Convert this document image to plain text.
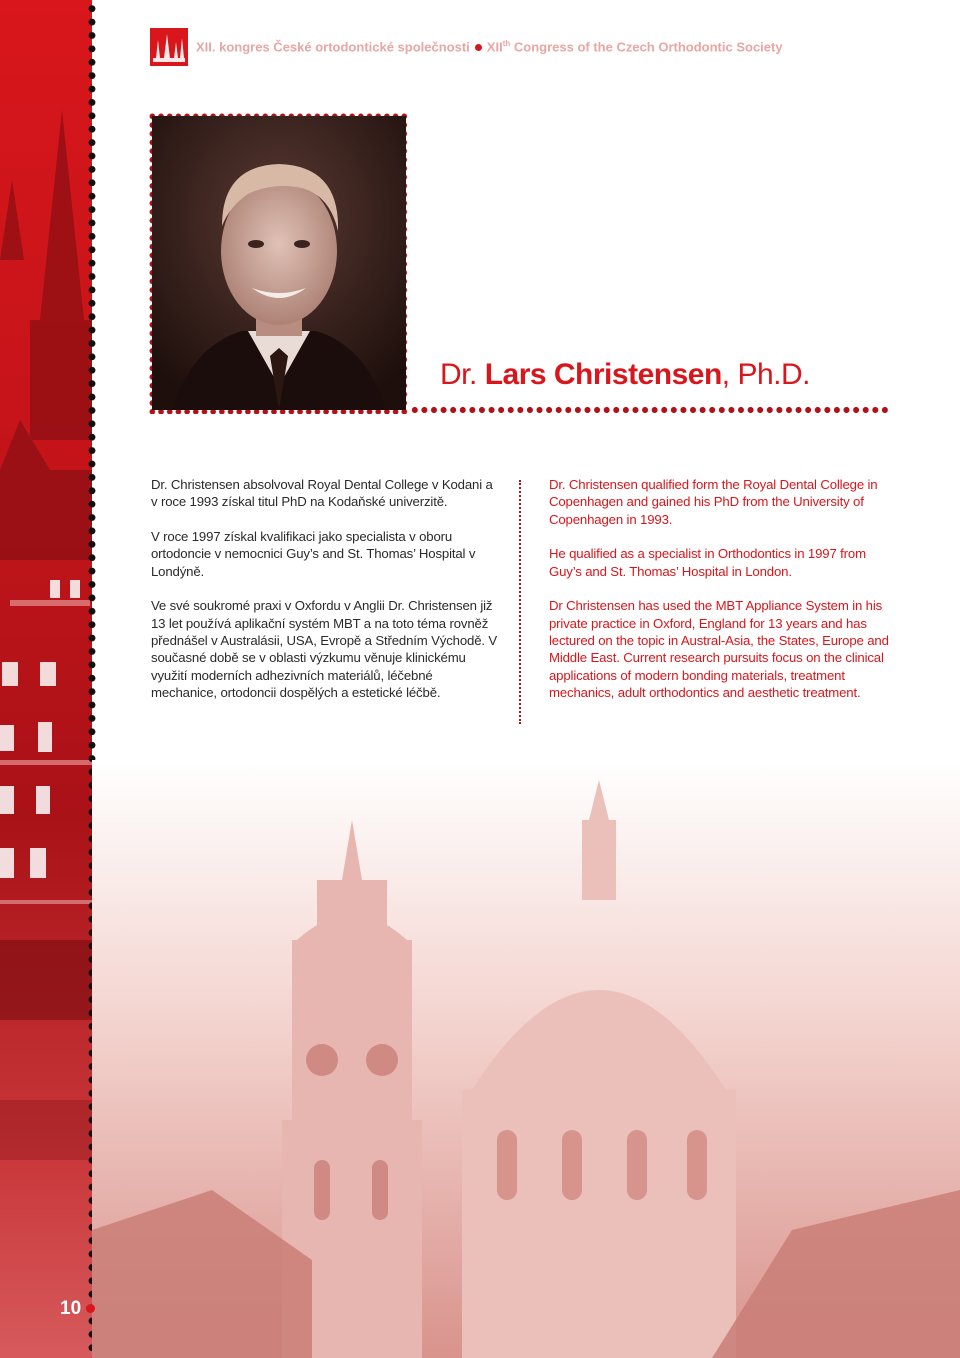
XII. kongres České ortodontické společnosti XIIth Congress of the Czech Orthodontic Society
Dr. Lars Christensen, Ph.D.

Dr. Christensen absolvoval Royal Dental College v Kodani a v roce 1993 získal titul PhD na Kodaňské univerzitě.

V roce 1997 získal kvalifikaci jako specialista v oboru ortodoncie v nemocnici Guy’s and St. Thomas’ Hospital v Londýně.

Ve své soukromé praxi v Oxfordu v Anglii Dr. Christensen již 13 let používá aplikační systém MBT a na toto téma rovněž přednášel v Australásii, USA, Evropě a Středním Východě. V současné době se v oblasti výzkumu věnuje klinickému využití moderních adhezivních materiálů, léčebné mechanice, ortodoncii dospělých a estetické léčbě.

Dr. Christensen qualified form the Royal Dental College in Copenhagen and gained his PhD from the University of Copenhagen in 1993.

He qualified as a specialist in Orthodontics in 1997 from Guy’s and St. Thomas’ Hospital in London.

Dr Christensen has used the MBT Appliance System in his private practice in Oxford, England for 13 years and has lectured on the topic in Austral-Asia, the States, Europe and Middle East. Current research pursuits focus on the clinical applications of modern bonding materials, treatment mechanics, adult orthodontics and aesthetic treatment.

10
